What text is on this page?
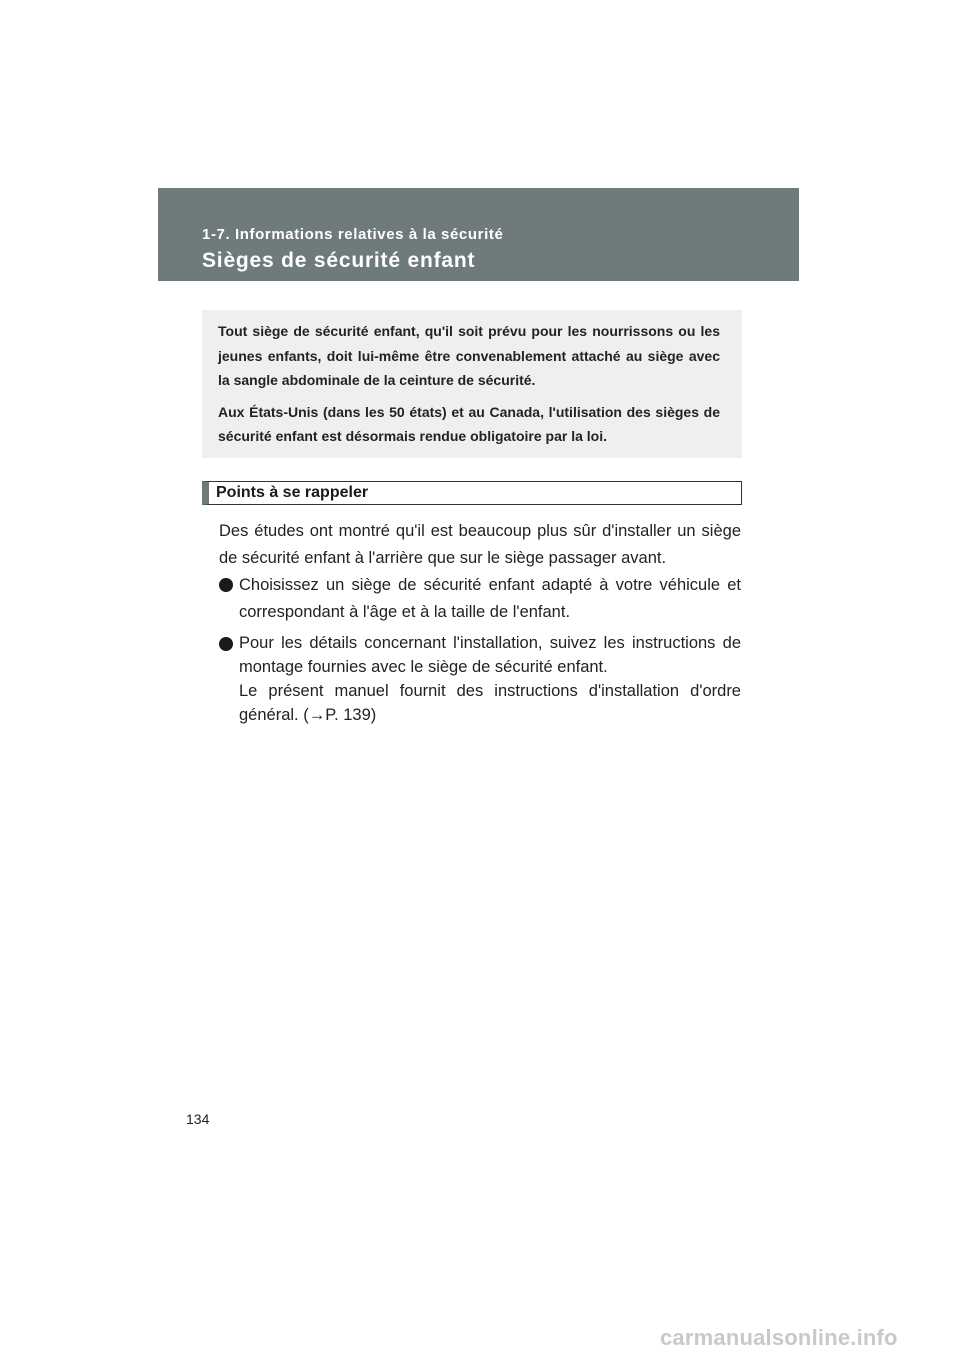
1-7. Informations relatives à la sécurité
Sièges de sécurité enfant

Tout siège de sécurité enfant, qu'il soit prévu pour les nourrissons ou les jeunes enfants, doit lui-même être convenablement attaché au siège avec la sangle abdominale de la ceinture de sécurité.

Aux États-Unis (dans les 50 états) et au Canada, l'utilisation des sièges de sécurité enfant est désormais rendue obligatoire par la loi.

Points à se rappeler

Des études ont montré qu'il est beaucoup plus sûr d'installer un siège de sécurité enfant à l'arrière que sur le siège passager avant.

Choisissez un siège de sécurité enfant adapté à votre véhicule et correspondant à l'âge et à la taille de l'enfant.

Pour les détails concernant l'installation, suivez les instructions de montage fournies avec le siège de sécurité enfant.

Le présent manuel fournit des instructions d'installation d'ordre général. (→P. 139)

134
carmanualsonline.info
